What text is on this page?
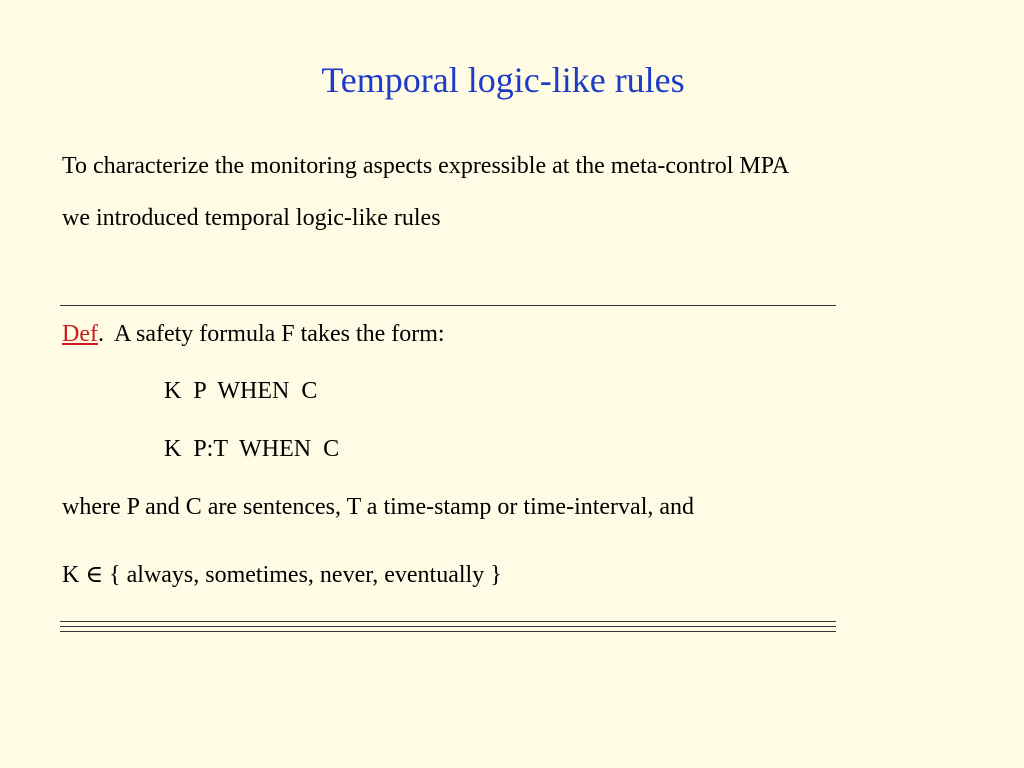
Temporal logic-like rules

To characterize the monitoring aspects expressible at the meta-control MPA

we introduced temporal logic-like rules

Def. A safety formula F takes the form:

K  P  WHEN  C

K  P:T  WHEN  C

where P and C are sentences, T a time-stamp or time-interval, and

K ∈ { always, sometimes, never, eventually }
